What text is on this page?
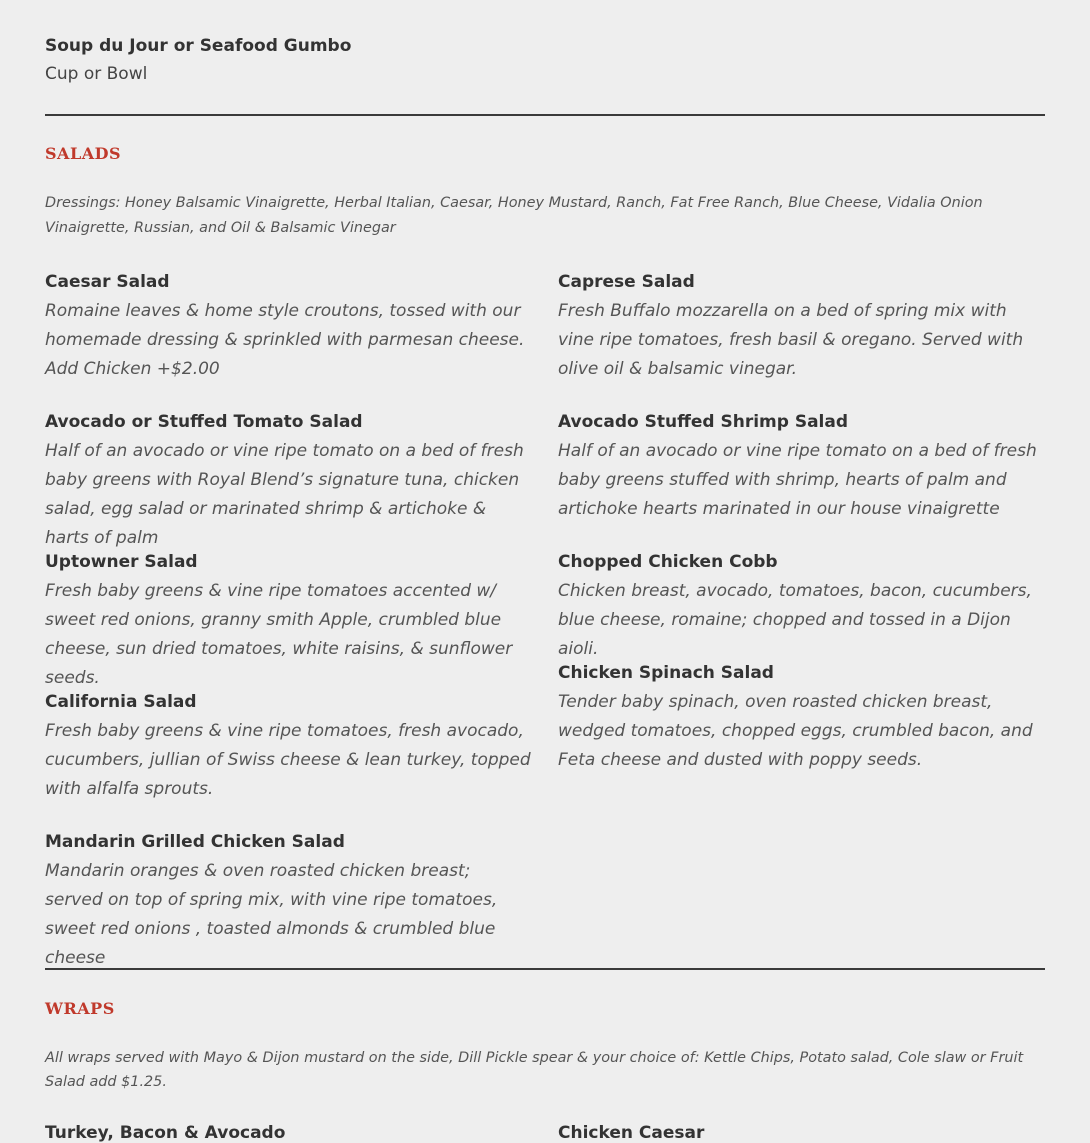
Soup du Jour or Seafood Gumbo
Cup or Bowl
SALADS
Dressings: Honey Balsamic Vinaigrette, Herbal Italian, Caesar, Honey Mustard, Ranch, Fat Free Ranch, Blue Cheese, Vidalia Onion Vinaigrette, Russian, and Oil & Balsamic Vinegar
Caesar Salad
Romaine leaves & home style croutons, tossed with our homemade dressing & sprinkled with parmesan cheese. Add Chicken +$2.00
Avocado or Stuffed Tomato Salad
Half of an avocado or vine ripe tomato on a bed of fresh baby greens with Royal Blend’s signature tuna, chicken salad, egg salad or marinated shrimp & artichoke & harts of palm
Uptowner Salad
Fresh baby greens & vine ripe tomatoes accented w/ sweet red onions, granny smith Apple, crumbled blue cheese, sun dried tomatoes, white raisins, & sunflower seeds.
California Salad
Fresh baby greens & vine ripe tomatoes, fresh avocado, cucumbers, jullian of Swiss cheese & lean turkey, topped with alfalfa sprouts.
Mandarin Grilled Chicken Salad
Mandarin oranges & oven roasted chicken breast; served on top of spring mix, with vine ripe tomatoes, sweet red onions , toasted almonds & crumbled blue cheese
Caprese Salad
Fresh Buffalo mozzarella on a bed of spring mix with vine ripe tomatoes, fresh basil & oregano. Served with olive oil & balsamic vinegar.
Avocado Stuffed Shrimp Salad
Half of an avocado or vine ripe tomato on a bed of fresh baby greens stuffed with shrimp, hearts of palm and artichoke hearts marinated in our house vinaigrette
Chopped Chicken Cobb
Chicken breast, avocado, tomatoes, bacon, cucumbers, blue cheese, romaine; chopped and tossed in a Dijon aioli.
Chicken Spinach Salad
Tender baby spinach, oven roasted chicken breast, wedged tomatoes, chopped eggs, crumbled bacon, and Feta cheese and dusted with poppy seeds.
WRAPS
All wraps served with Mayo & Dijon mustard on the side, Dill Pickle spear & your choice of: Kettle Chips, Potato salad, Cole slaw or Fruit Salad add $1.25.
Turkey, Bacon & Avocado	Chicken Caesar
